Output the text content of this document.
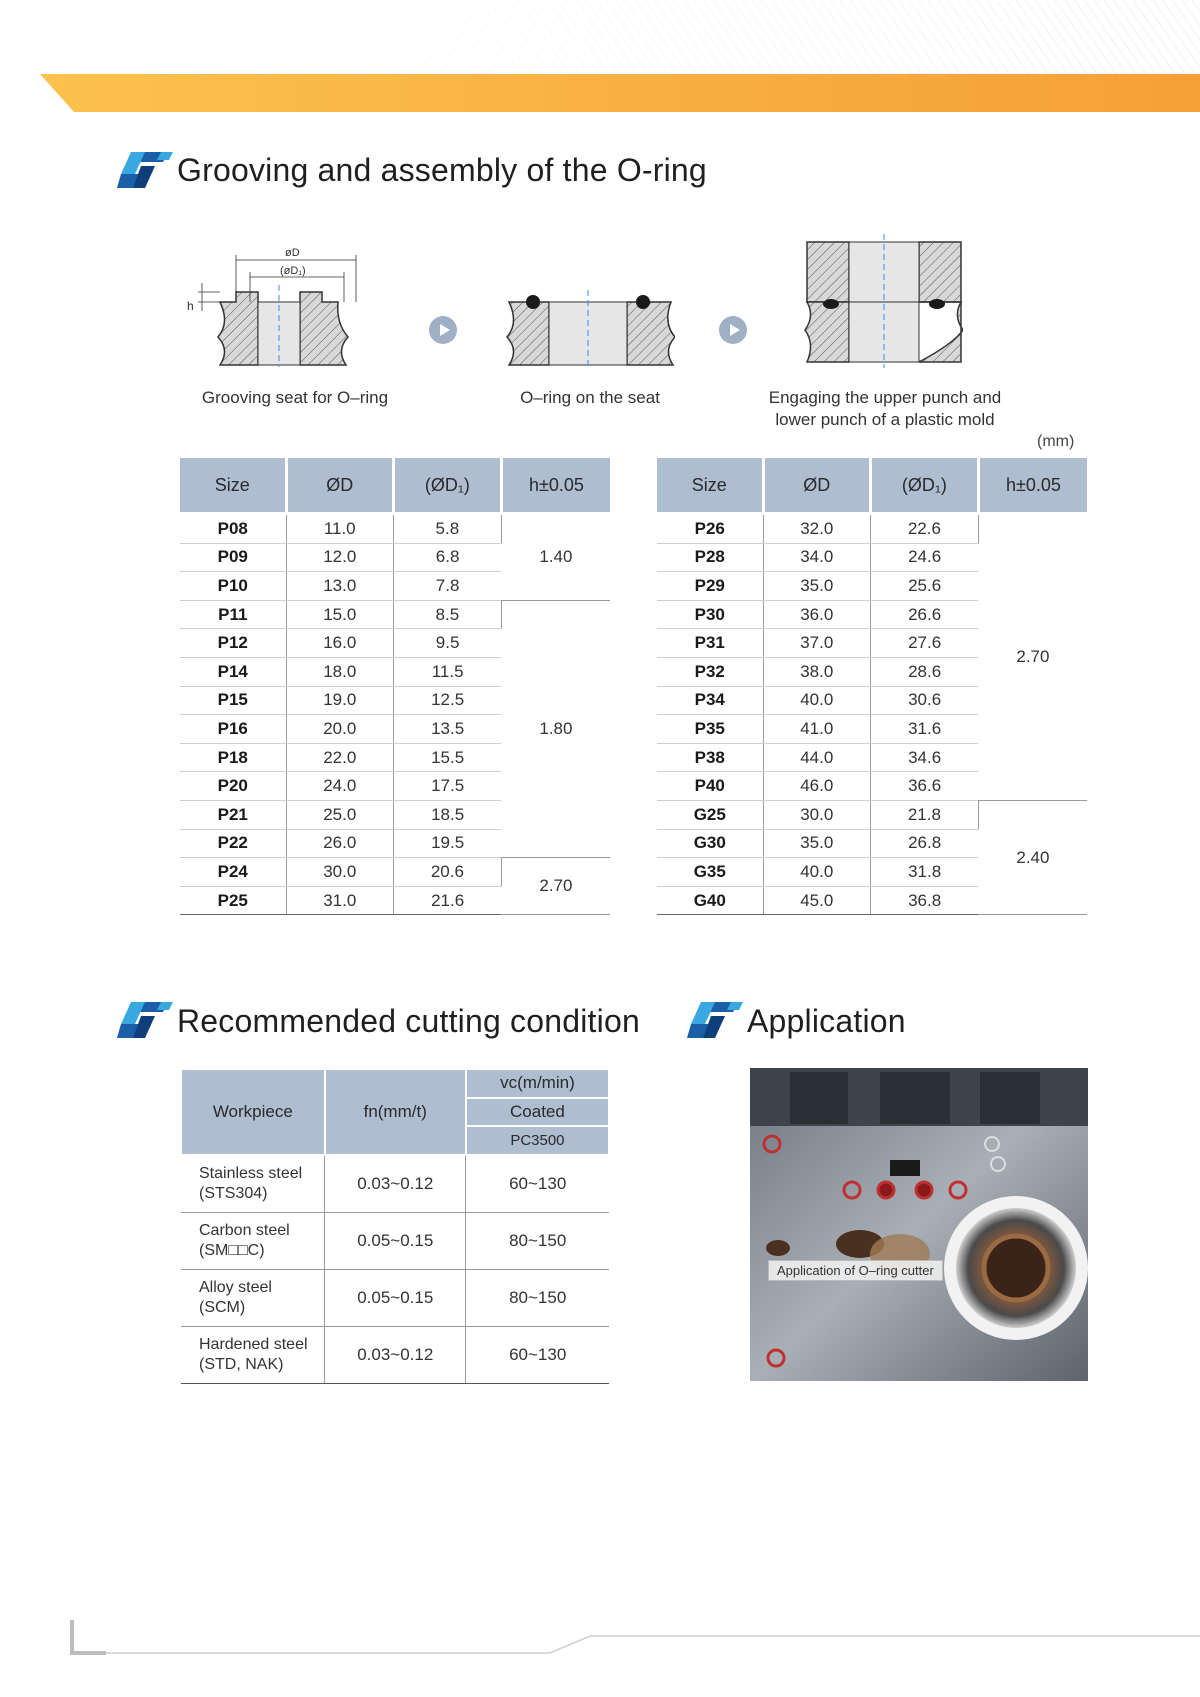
Grooving and assembly of the O-ring
øD
(øD₁)
h
Grooving seat for O–ring	O–ring on the seat	Engaging the upper punch and
lower punch of a plastic mold
(mm)
Size	ØD	(ØD₁)	h±0.05
P08	11.0	5.8	1.40
P09	12.0	6.8	
P10	13.0	7.8	
P11	15.0	8.5	1.80
P12	16.0	9.5	
P14	18.0	11.5	
P15	19.0	12.5	
P16	20.0	13.5	
P18	22.0	15.5	
P20	24.0	17.5	
P21	25.0	18.5	
P22	26.0	19.5	
P24	30.0	20.6	2.70
P25	31.0	21.6	
Size	ØD	(ØD₁)	h±0.05
P26	32.0	22.6	2.70
P28	34.0	24.6	
P29	35.0	25.6	
P30	36.0	26.6	
P31	37.0	27.6	
P32	38.0	28.6	
P34	40.0	30.6	
P35	41.0	31.6	
P38	44.0	34.6	
P40	46.0	36.6	
G25	30.0	21.8	2.40
G30	35.0	26.8	
G35	40.0	31.8	
G40	45.0	36.8	
Recommended cutting condition
Workpiece	fn(mm/t)	vc(m/min)
		Coated
		PC3500

Stainless steel
(STS304)	0.03~0.12	60~130

Carbon steel
(SM□□C)	0.05~0.15	80~150

Alloy steel
(SCM)	0.05~0.15	80~150

Hardened steel
(STD, NAK)	0.03~0.12	60~130
Application
Application of O–ring cutter
